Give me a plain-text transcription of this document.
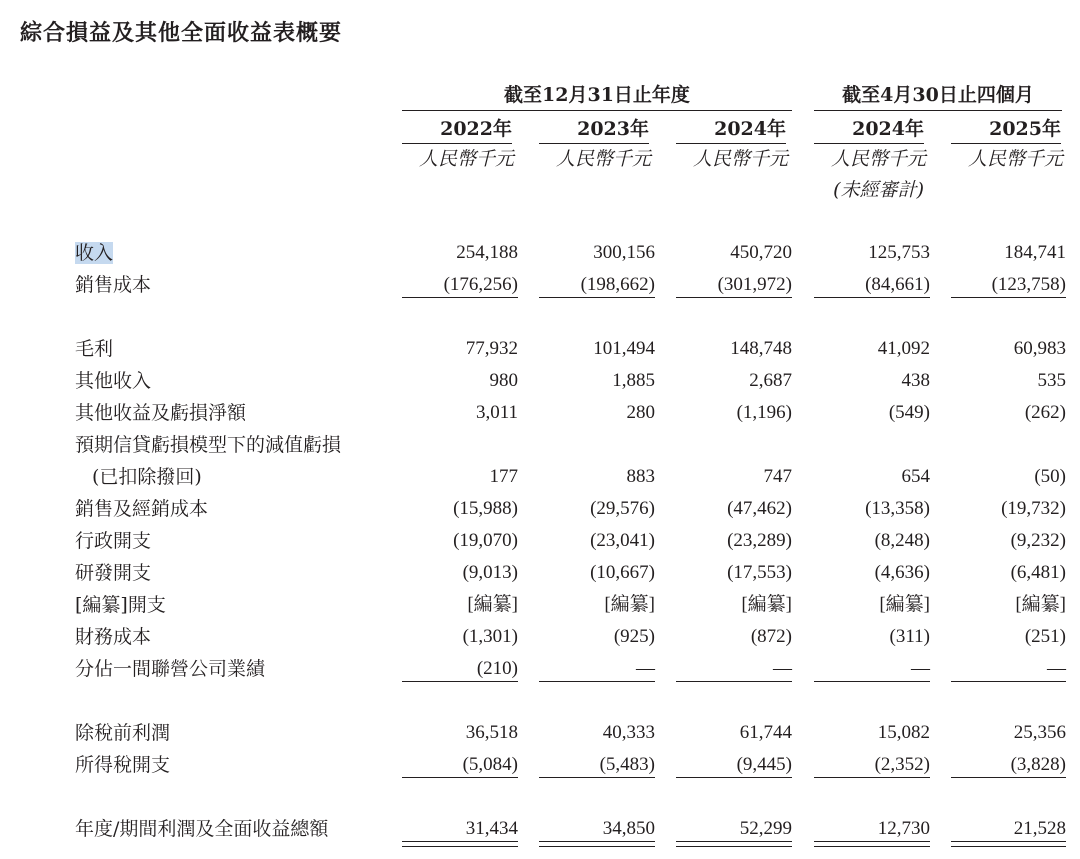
綜合損益及其他全面收益表概要
截至12月31日止年度	截至4月30日止四個月
2022年	2023年	2024年	2024年	2025年
人民幣千元	人民幣千元	人民幣千元	人民幣千元	人民幣千元
(未經審計)
收入	254,188	300,156	450,720	125,753	184,741
銷售成本	(176,256)	(198,662)	(301,972)	(84,661)	(123,758)
毛利	77,932	101,494	148,748	41,092	60,983
其他收入	980	1,885	2,687	438	535
其他收益及虧損淨額	3,011	280	(1,196)	(549)	(262)
預期信貸虧損模型下的減值虧損
(已扣除撥回)	177	883	747	654	(50)
銷售及經銷成本	(15,988)	(29,576)	(47,462)	(13,358)	(19,732)
行政開支	(19,070)	(23,041)	(23,289)	(8,248)	(9,232)
研發開支	(9,013)	(10,667)	(17,553)	(4,636)	(6,481)
[編纂]開支	[編纂]	[編纂]	[編纂]	[編纂]	[編纂]
財務成本	(1,301)	(925)	(872)	(311)	(251)
分佔一間聯營公司業績	(210)	—	—	—	—
除稅前利潤	36,518	40,333	61,744	15,082	25,356
所得稅開支	(5,084)	(5,483)	(9,445)	(2,352)	(3,828)
年度/期間利潤及全面收益總額	31,434	34,850	52,299	12,730	21,528
